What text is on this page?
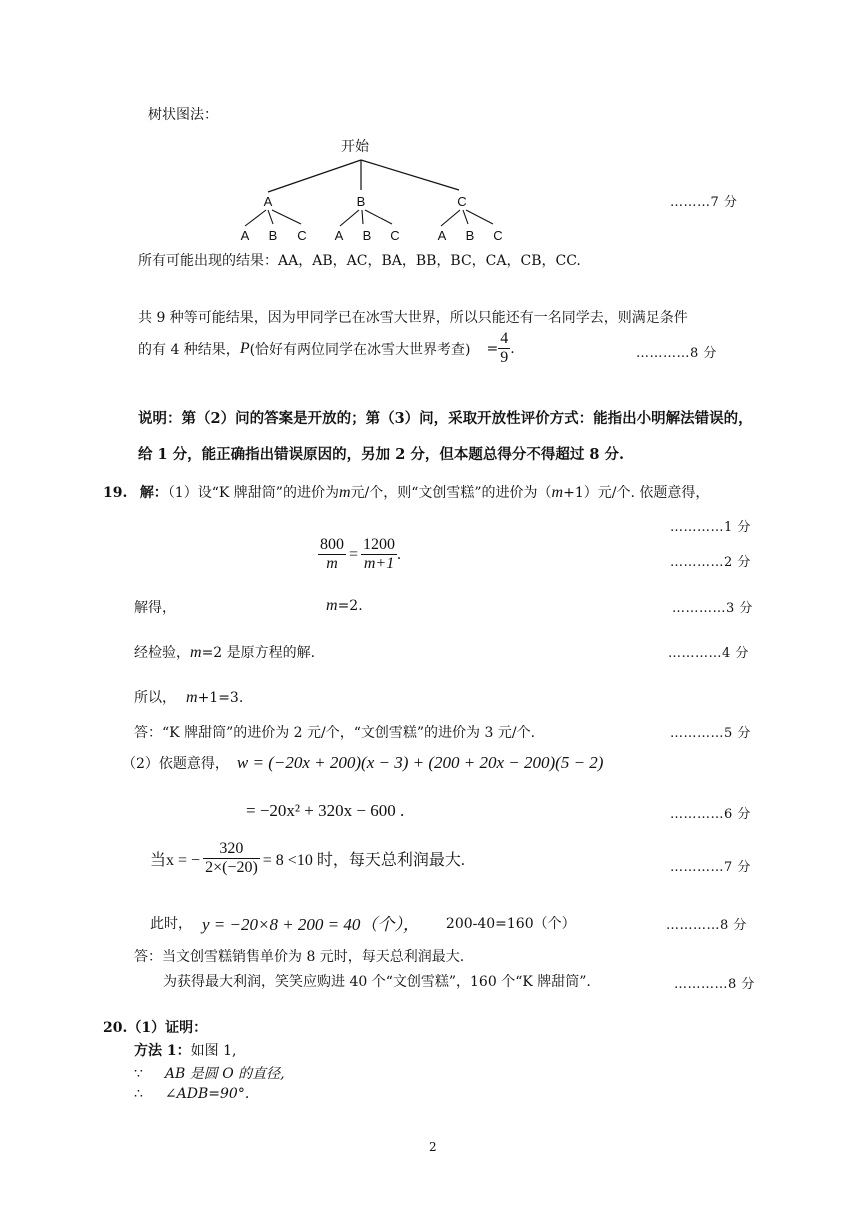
树状图法：
开始
A	B	C
A B C A B C	A B C
………7 分
所有可能出现的结果：AA，AB，AC，BA，BB，BC，CA，CB，CC.
共 9 种等可能结果，因为甲同学已在冰雪大世界，所以只能还有一名同学去，则满足条件
的有 4 种结果， P (恰好有两位同学在冰雪大世界考查) = $\frac{4}{9}$ .	…………8 分
说明：第（2）问的答案是开放的；第（3）问，采取开放性评价方式：能指出小明解法错误的，
给 1 分，能正确指出错误原因的，另加 2 分，但本题总得分不得超过 8 分.
19. 解：（1）设“K 牌甜筒”的进价为m元/个，则“文创雪糕”的进价为（m+1）元/个. 依题意得，
…………1 分
$\frac{800}{m} = \frac{1200}{m+1}$ .	…………2 分
解得，	m=2.	…………3 分
经检验，m=2 是原方程的解.	…………4 分
所以， m+1=3.
答：“K 牌甜筒”的进价为 2 元/个，“文创雪糕”的进价为 3 元/个.	…………5 分
（2）依题意得， w = (−20x + 200)(x − 3) + (200 + 20x − 200)(5 − 2)
= −20x² + 320x − 600 .	…………6 分
当x = − $\frac{320}{2\times(-20)} = 8 <10$ 时，每天总利润最大.	…………7 分
此时， y = −20×8 + 200 = 40（个）， 200-40=160（个）	…………8 分
答：当文创雪糕销售单价为 8 元时，每天总利润最大.
为获得最大利润，笑笑应购进 40 个“文创雪糕”，160 个“K 牌甜筒”.	…………8 分
20.（1）证明：
方法 1：如图 1,
∵ AB 是圆 O 的直径,
∴ ∠ADB=90°.
2
